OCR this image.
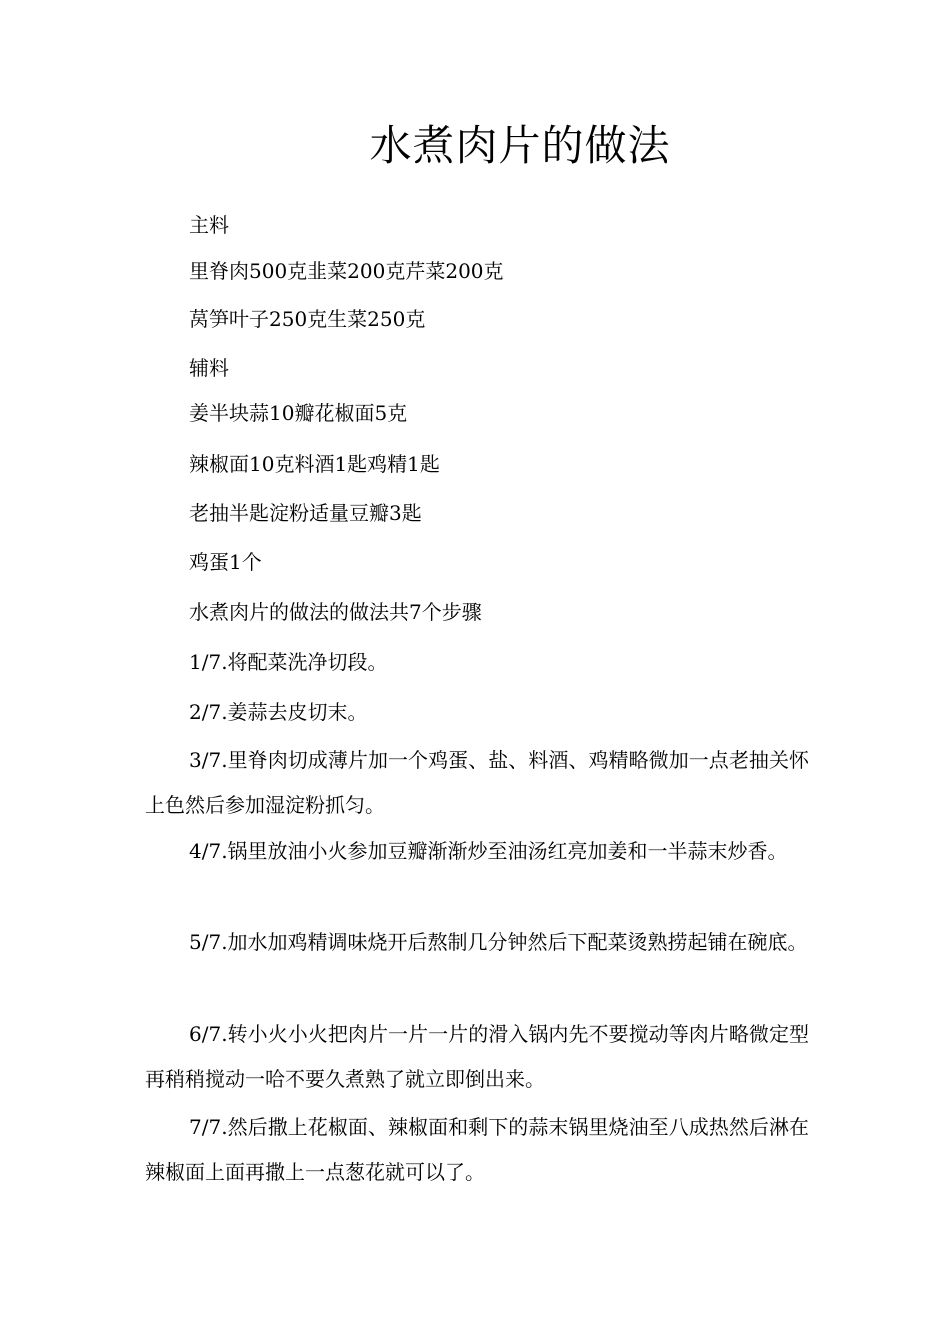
水煮肉片的做法

主料

里脊肉500克韭菜200克芹菜200克

莴笋叶子250克生菜250克

辅料

姜半块蒜10瓣花椒面5克

辣椒面10克料酒1匙鸡精1匙

老抽半匙淀粉适量豆瓣3匙

鸡蛋1个

水煮肉片的做法的做法共7个步骤

1/7.将配菜洗净切段。

2/7.姜蒜去皮切末。

3/7.里脊肉切成薄片加一个鸡蛋、盐、料酒、鸡精略微加一点老抽关怀上色然后参加湿淀粉抓匀。

4/7.锅里放油小火参加豆瓣渐渐炒至油汤红亮加姜和一半蒜末炒香。

5/7.加水加鸡精调味烧开后熬制几分钟然后下配菜烫熟捞起铺在碗底。

6/7.转小火小火把肉片一片一片的滑入锅内先不要搅动等肉片略微定型再稍稍搅动一哈不要久煮熟了就立即倒出来。

7/7.然后撒上花椒面、辣椒面和剩下的蒜末锅里烧油至八成热然后淋在辣椒面上面再撒上一点葱花就可以了。
